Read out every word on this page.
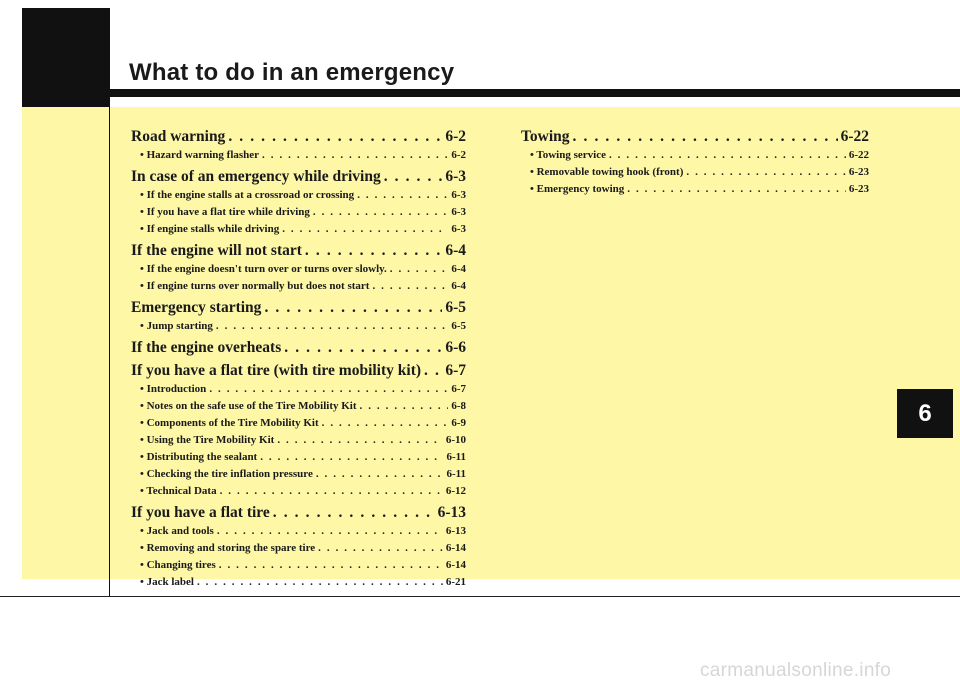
What to do in an emergency
Road warning . . .	6-2
• Hazard warning flasher . . .	6-2
In case of an emergency while driving . . .	6-3
• If the engine stalls at a crossroad or crossing . . .	6-3
• If you have a flat tire while driving . . .	6-3
• If engine stalls while driving . . .	6-3
If the engine will not start . . .	6-4
• If the engine doesn't turn over or turns over slowly. . . .	6-4
• If engine turns over normally but does not start . . .	6-4
Emergency starting . . .	6-5
• Jump starting . . .	6-5
If the engine overheats . . .	6-6
If you have a flat tire (with tire mobility kit) . . . 6-7
• Introduction . . .	6-7
• Notes on the safe use of the Tire Mobility Kit . . .	6-8
• Components of the Tire Mobility Kit . . .	6-9
• Using the Tire Mobility Kit . . .	6-10
• Distributing the sealant . . .	6-11
• Checking the tire inflation pressure . . .	6-11
• Technical Data . . .	6-12
If you have a flat tire . . .	6-13
• Jack and tools . . .	6-13
• Removing and storing the spare tire . . .	6-14
• Changing tires . . .	6-14
• Jack label . . .	6-21
Towing . . .	6-22
• Towing service . . .	6-22
• Removable towing hook (front) . . .	6-23
• Emergency towing . . .	6-23
6
carmanualsonline.info
